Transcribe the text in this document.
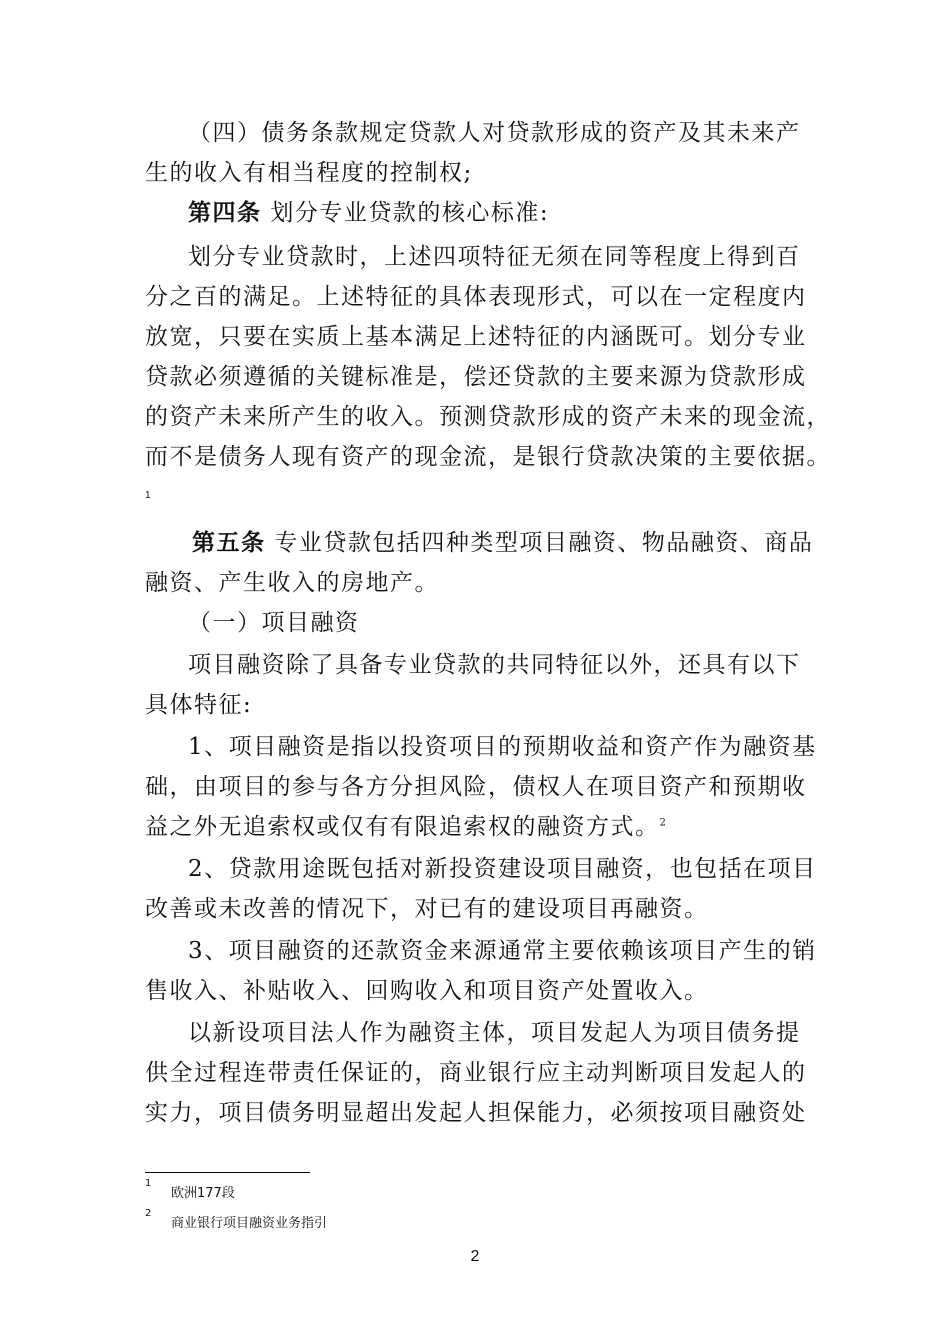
（四）债务条款规定贷款人对贷款形成的资产及其未来产
生的收入有相当程度的控制权;
第四条 划分专业贷款的核心标准:
划分专业贷款时，上述四项特征无须在同等程度上得到百
分之百的满足。上述特征的具体表现形式，可以在一定程度内
放宽，只要在实质上基本满足上述特征的内涵既可。划分专业
贷款必须遵循的关键标准是，偿还贷款的主要来源为贷款形成
的资产未来所产生的收入。预测贷款形成的资产未来的现金流，
而不是债务人现有资产的现金流，是银行贷款决策的主要依据。
1
第五条 专业贷款包括四种类型项目融资、物品融资、商品
融资、产生收入的房地产。
（一）项目融资
项目融资除了具备专业贷款的共同特征以外，还具有以下
具体特征:
1、项目融资是指以投资项目的预期收益和资产作为融资基
础，由项目的参与各方分担风险，债权人在项目资产和预期收
益之外无追索权或仅有有限追索权的融资方式。$^2$
2、贷款用途既包括对新投资建设项目融资，也包括在项目
改善或未改善的情况下，对已有的建设项目再融资。
3、项目融资的还款资金来源通常主要依赖该项目产生的销
售收入、补贴收入、回购收入和项目资产处置收入。
以新设项目法人作为融资主体，项目发起人为项目债务提
供全过程连带责任保证的，商业银行应主动判断项目发起人的
实力，项目债务明显超出发起人担保能力，必须按项目融资处
1
欧洲177段
2
商业银行项目融资业务指引
2
